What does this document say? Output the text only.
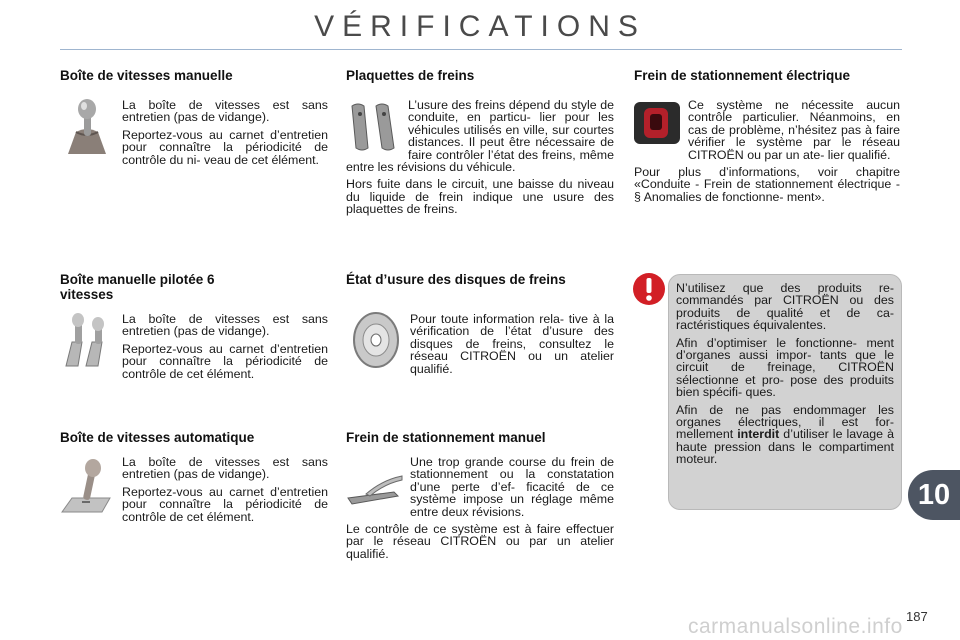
VÉRIFICATIONS
Boîte de vitesses manuelle

La boîte de vitesses est sans entretien (pas de vidange).

Reportez-vous au carnet d’entretien pour connaître la périodicité de contrôle du ni- veau de cet élément.

Boîte manuelle pilotée 6 vitesses

La boîte de vitesses est sans entretien (pas de vidange).

Reportez-vous au carnet d’entretien pour connaître la périodicité de contrôle de cet élément.

Boîte de vitesses automatique

La boîte de vitesses est sans entretien (pas de vidange).

Reportez-vous au carnet d’entretien pour connaître la périodicité de contrôle de cet élément.

Plaquettes de freins
L’usure des freins dépend du style de conduite, en particu- lier pour les véhicules utilisés en ville, sur courtes distances. Il peut être nécessaire de faire contrôler l’état des freins, même entre les révisions du véhicule.
Hors fuite dans le circuit, une baisse du niveau du liquide de frein indique une usure des plaquettes de freins.
État d’usure des disques de freins

Pour toute information rela- tive à la vérification de l’état d’usure des disques de freins, consultez le réseau CITROËN ou un atelier qualifié.

Frein de stationnement manuel

Une trop grande course du frein de stationnement ou la constatation d’une perte d’ef- ficacité de ce système impose un réglage même entre deux révisions.

Le contrôle de ce système est à faire effectuer par le réseau CITROËN ou par un atelier qualifié.

Frein de stationnement électrique

Ce système ne nécessite aucun contrôle particulier. Néanmoins, en cas de problème, n’hésitez pas à faire vérifier le système par le réseau CITROËN ou par un ate- lier qualifié.

Pour plus d’informations, voir chapitre «Conduite - Frein de stationnement électrique - § Anomalies de fonctionne- ment».

N’utilisez que des produits re- commandés par CITROËN ou des produits de qualité et de ca- ractéristiques équivalentes.

Afin d’optimiser le fonctionne- ment d’organes aussi impor- tants que le circuit de freinage, CITROËN sélectionne et pro- pose des produits bien spécifi- ques.

Afin de ne pas endommager les organes électriques, il est for- mellement interdit d’utiliser le lavage à haute pression dans le compartiment moteur.

10
187
carmanualsonline.info
